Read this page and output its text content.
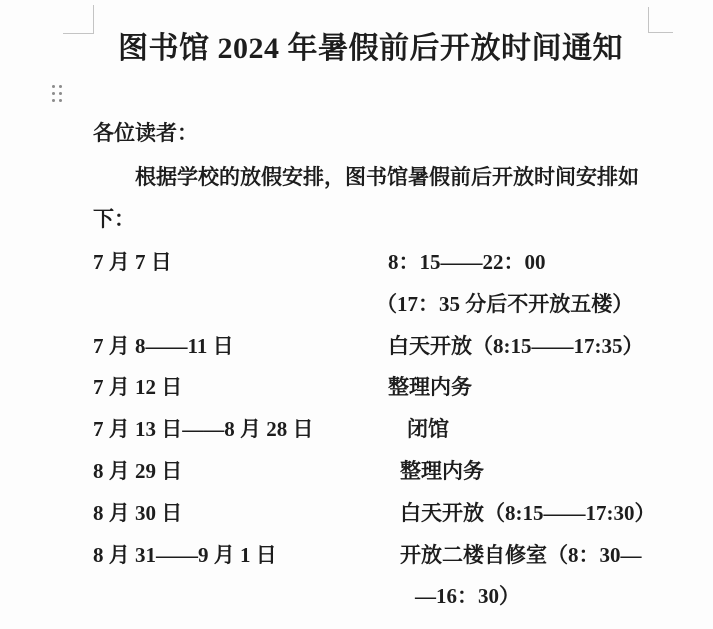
图书馆 2024 年暑假前后开放时间通知
各位读者：
根据学校的放假安排，图书馆暑假前后开放时间安排如
下：
7 月 7 日	8：15——22：00
（17：35 分后不开放五楼）
7 月 8——11 日	白天开放（8:15——17:35）
7 月 12 日	整理内务
7 月 13 日——8 月 28 日	闭馆
8 月 29 日	整理内务
8 月 30 日	白天开放（8:15——17:30）
8 月 31——9 月 1 日	开放二楼自修室（8：30—
—16：30）
